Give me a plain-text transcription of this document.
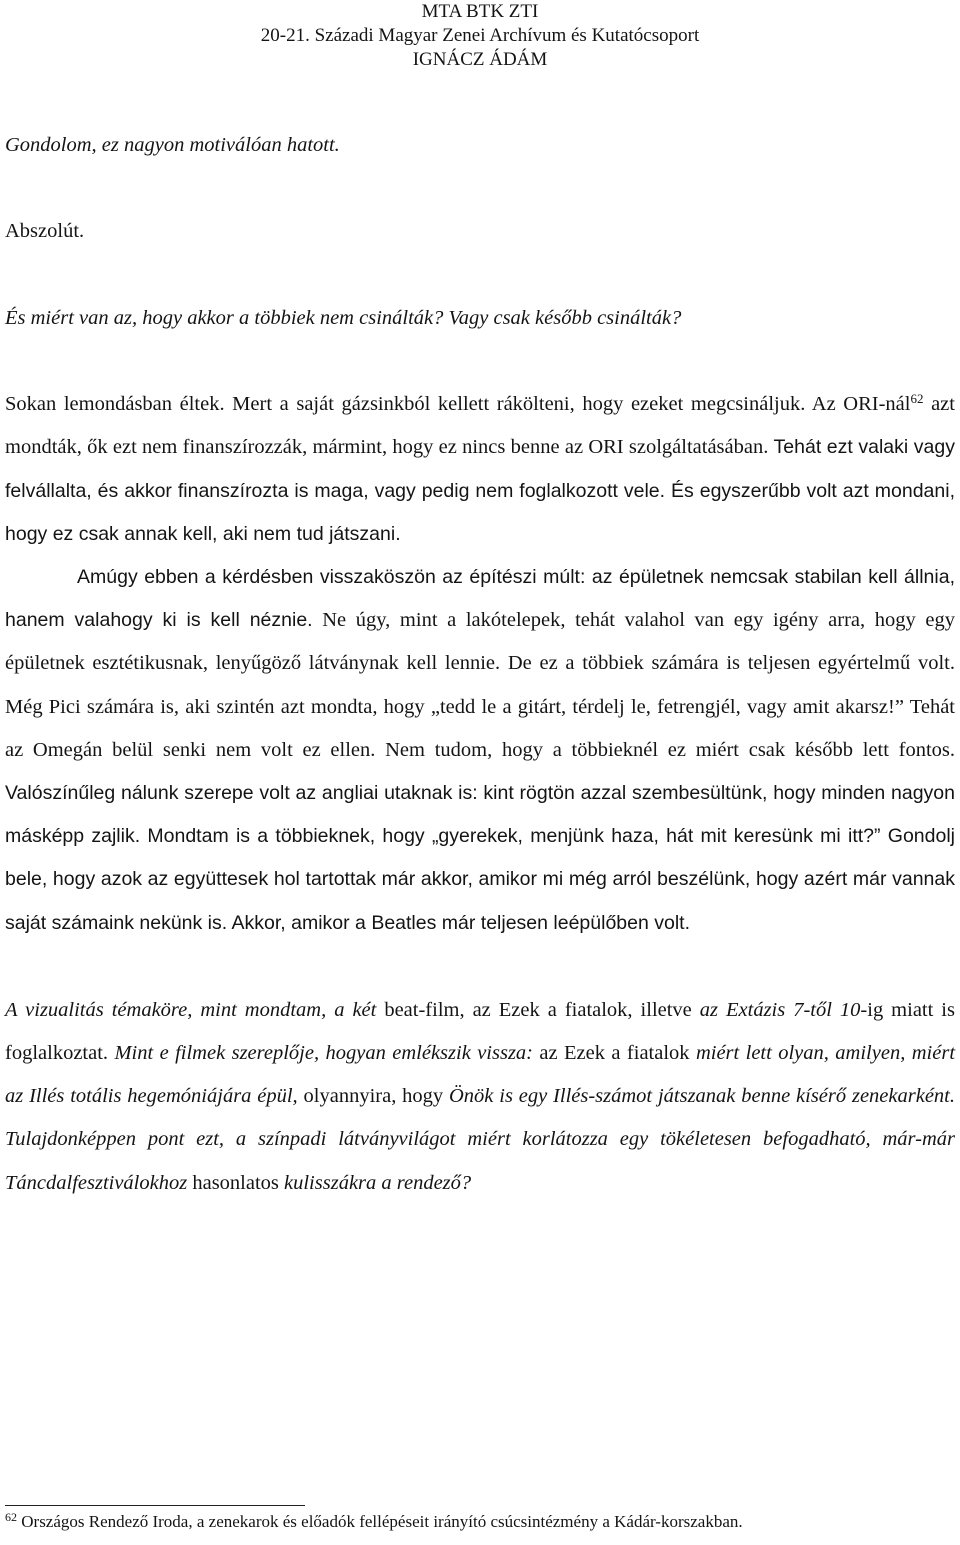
MTA BTK ZTI
20-21. Századi Magyar Zenei Archívum és Kutatócsoport
IGNÁCZ ÁDÁM

Gondolom, ez nagyon motiválóan hatott.

Abszolút.

És miért van az, hogy akkor a többiek nem csinálták? Vagy csak később csinálták?

Sokan lemondásban éltek. Mert a saját gázsinkból kellett rákölteni, hogy ezeket megcsináljuk. Az ORI-nál$^{62}$ azt mondták, ők ezt nem finanszírozzák, mármint, hogy ez nincs benne az ORI szolgáltatásában. Tehát ezt valaki vagy felvállalta, és akkor finanszírozta is maga, vagy pedig nem foglalkozott vele. És egyszerűbb volt azt mondani, hogy ez csak annak kell, aki nem tud játszani.

Amúgy ebben a kérdésben visszaköszön az építészi múlt: az épületnek nemcsak stabilan kell állnia, hanem valahogy ki is kell néznie. Ne úgy, mint a lakótelepek, tehát valahol van egy igény arra, hogy egy épületnek esztétikusnak, lenyűgöző látványnak kell lennie. De ez a többiek számára is teljesen egyértelmű volt. Még Pici számára is, aki szintén azt mondta, hogy „tedd le a gitárt, térdelj le, fetrengjél, vagy amit akarsz!” Tehát az Omegán belül senki nem volt ez ellen. Nem tudom, hogy a többieknél ez miért csak később lett fontos. Valószínűleg nálunk szerepe volt az angliai utaknak is: kint rögtön azzal szembesültünk, hogy minden nagyon másképp zajlik. Mondtam is a többieknek, hogy „gyerekek, menjünk haza, hát mit keresünk mi itt?” Gondolj bele, hogy azok az együttesek hol tartottak már akkor, amikor mi még arról beszélünk, hogy azért már vannak saját számaink nekünk is. Akkor, amikor a Beatles már teljesen leépülőben volt.

A vizualitás témaköre, mint mondtam, a két beat-film, az Ezek a fiatalok, illetve az Extázis 7-től 10-ig miatt is foglalkoztat. Mint e filmek szereplője, hogyan emlékszik vissza: az Ezek a fiatalok miért lett olyan, amilyen, miért az Illés totális hegemóniájára épül, olyannyira, hogy Önök is egy Illés-számot játszanak benne kísérő zenekarként. Tulajdonképpen pont ezt, a színpadi látványvilágot miért korlátozza egy tökéletesen befogadható, már-már Táncdalfesztiválokhoz hasonlatos kulisszákra a rendező?

$^{62}$ Országos Rendező Iroda, a zenekarok és előadók fellépéseit irányító csúcsintézmény a Kádár-korszakban.
